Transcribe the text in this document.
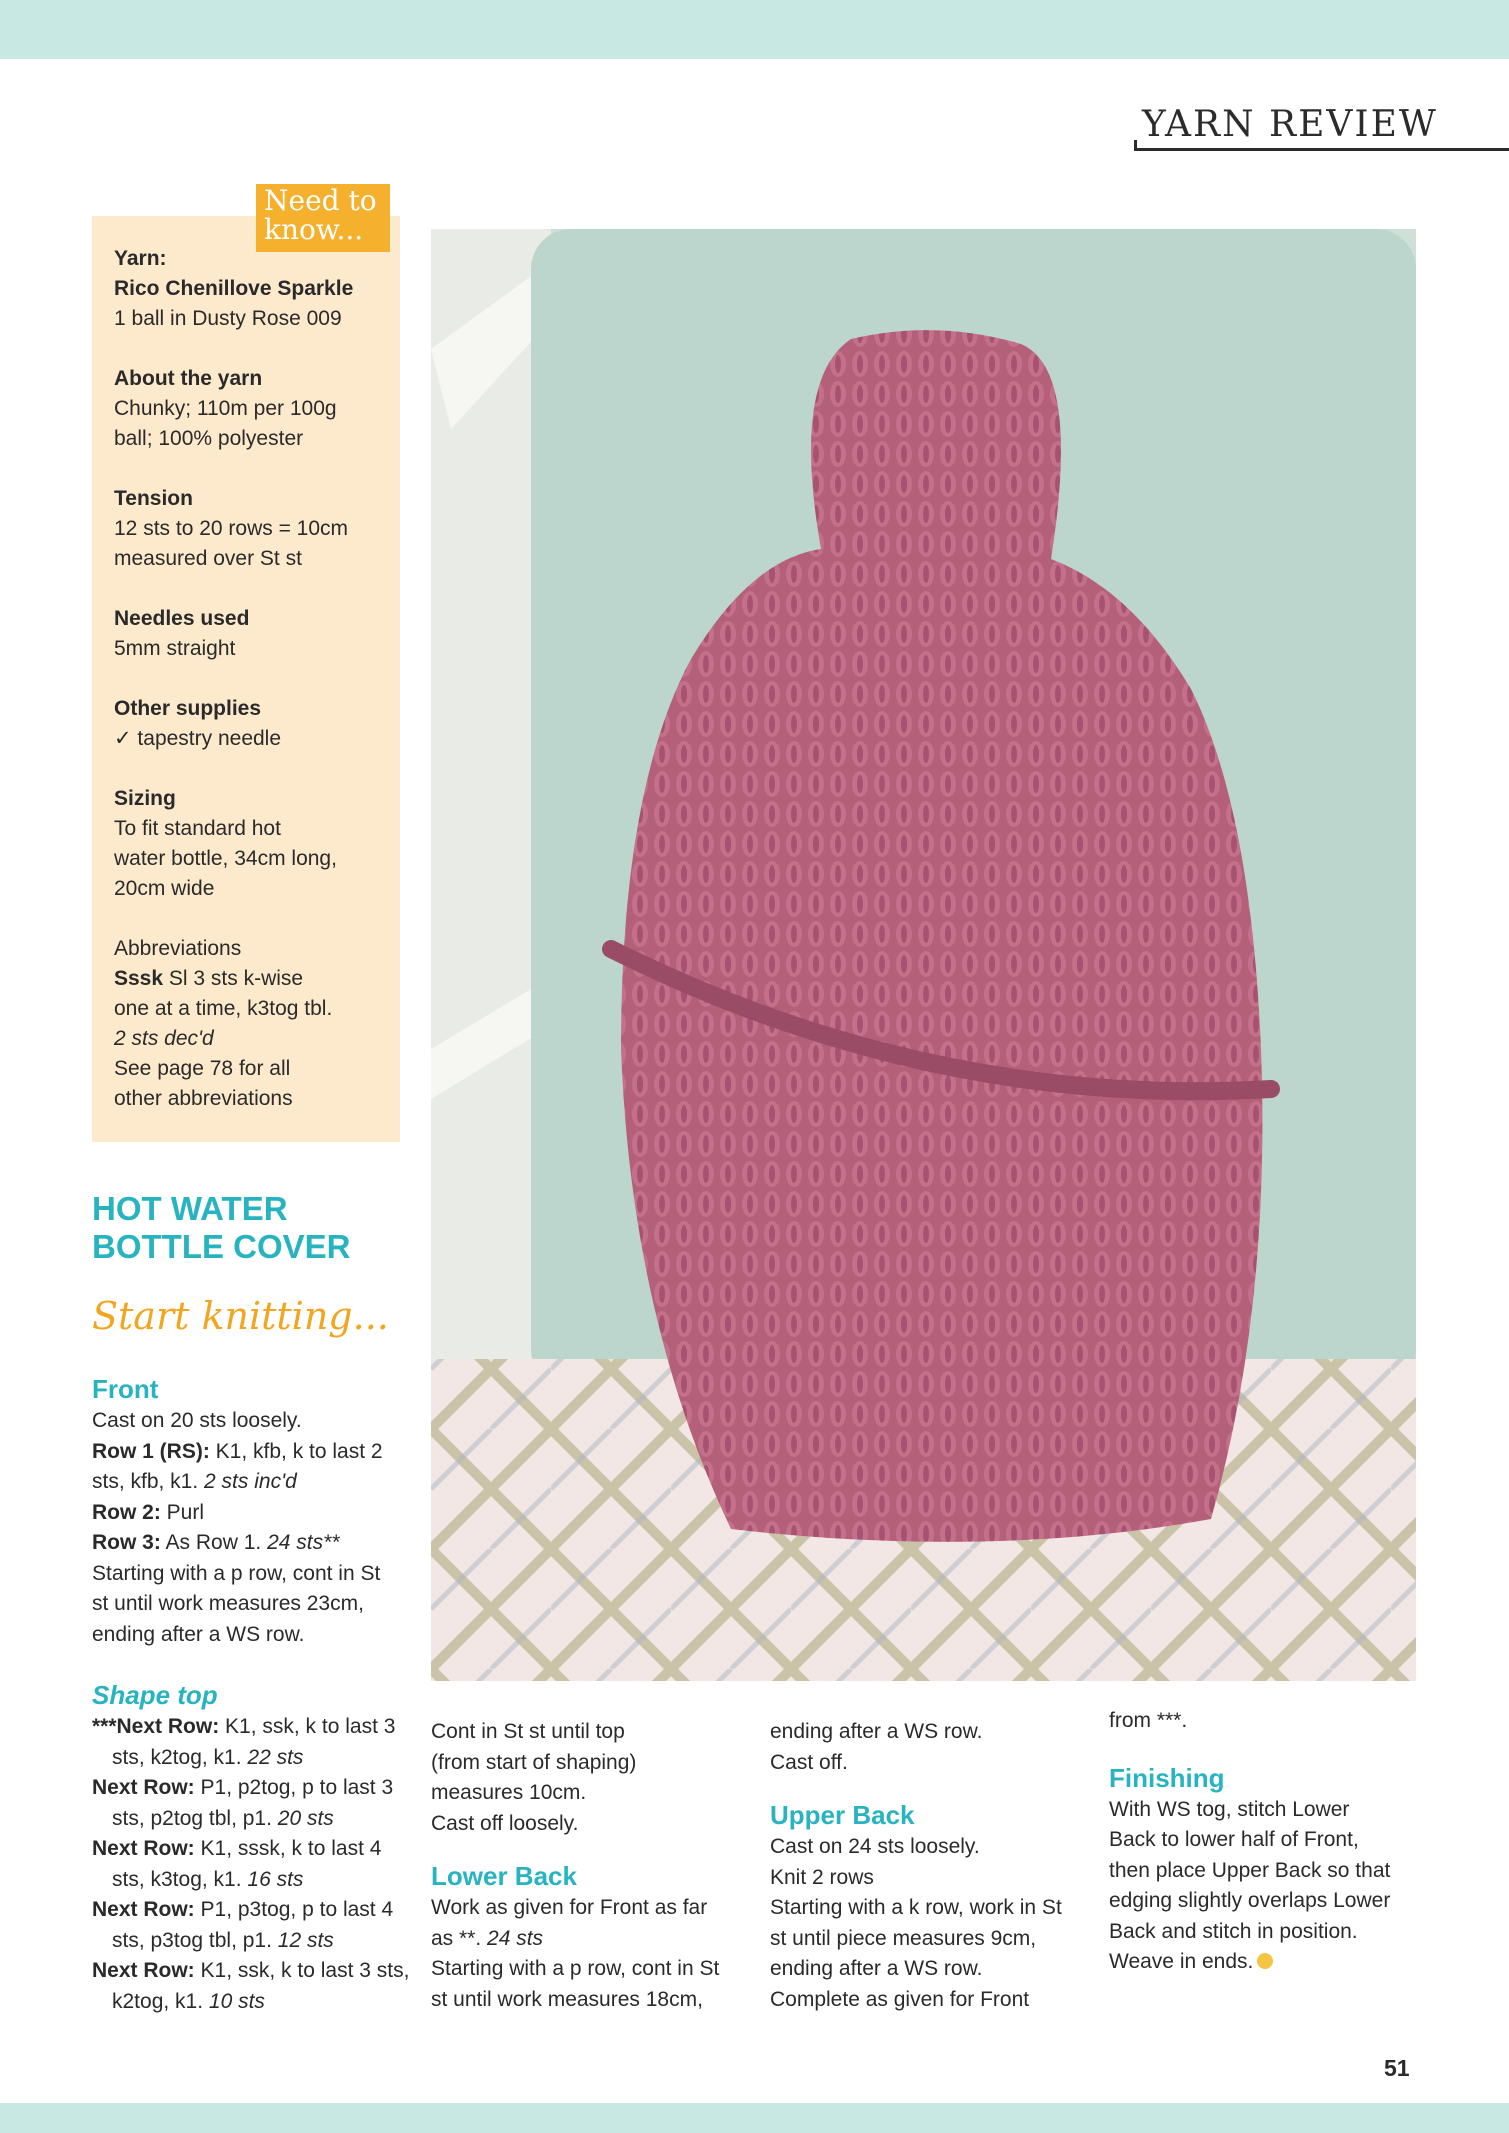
YARN REVIEW
Need to
know...
Yarn:
Rico Chenillove Sparkle
1 ball in Dusty Rose 009
About the yarn
Chunky; 110m per 100g
ball; 100% polyester
Tension
12 sts to 20 rows = 10cm
measured over St st
Needles used
5mm straight
Other supplies
✓ tapestry needle
Sizing
To fit standard hot
water bottle, 34cm long,
20cm wide
Abbreviations
Sssk Sl 3 sts k-wise
one at a time, k3tog tbl.
2 sts dec'd
See page 78 for all
other abbreviations
HOT WATER
BOTTLE COVER
Start knitting...
Front

Cast on 20 sts loosely.

Row 1 (RS): K1, kfb, k to last 2

sts, kfb, k1. 2 sts inc'd

Row 2: Purl

Row 3: As Row 1. 24 sts**

Starting with a p row, cont in St

st until work measures 23cm,

ending after a WS row.

Shape top

***Next Row: K1, ssk, k to last 3 sts, k2tog, k1. 22 sts

Next Row: P1, p2tog, p to last 3 sts, p2tog tbl, p1. 20 sts

Next Row: K1, sssk, k to last 4 sts, k3tog, k1. 16 sts

Next Row: P1, p3tog, p to last 4 sts, p3tog tbl, p1. 12 sts

Next Row: K1, ssk, k to last 3 sts, k2tog, k1. 10 sts

Cont in St st until top

(from start of shaping)

measures 10cm.

Cast off loosely.

Lower Back

Work as given for Front as far

as **. 24 sts

Starting with a p row, cont in St

st until work measures 18cm,

ending after a WS row.

Cast off.

Upper Back

Cast on 24 sts loosely.

Knit 2 rows

Starting with a k row, work in St

st until piece measures 9cm,

ending after a WS row.

Complete as given for Front

from ***.

Finishing

With WS tog, stitch Lower

Back to lower half of Front,

then place Upper Back so that

edging slightly overlaps Lower

Back and stitch in position.

Weave in ends.

51
